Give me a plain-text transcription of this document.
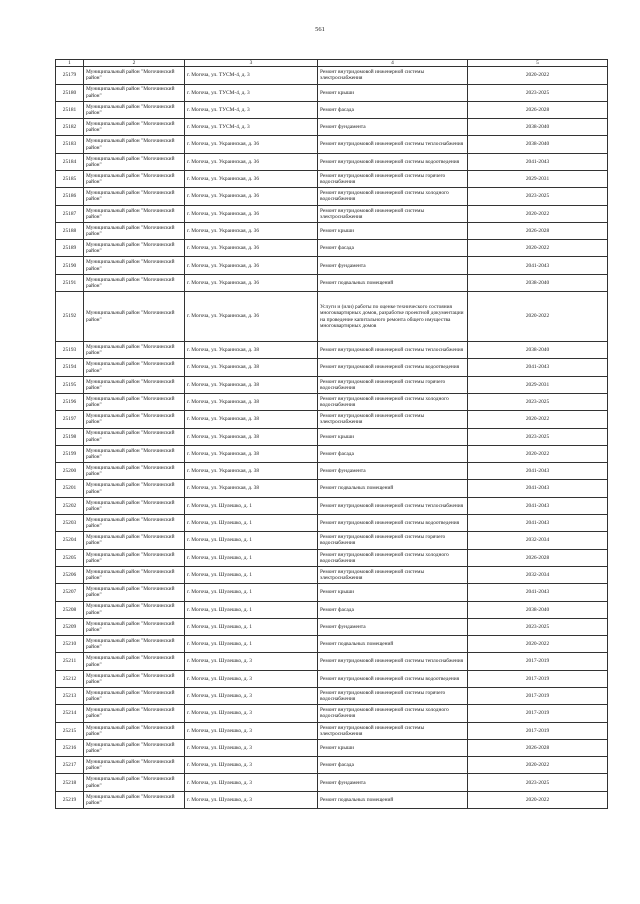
561
1	2	3	4	5
25179	Муниципальный район "Могочинский район"	г. Могоча, ул. ТУСМ-4, д. 3	Ремонт внутридомовой инженерной системы электроснабжения	2020-2022
25180	Муниципальный район "Могочинский район"	г. Могоча, ул. ТУСМ-4, д. 3	Ремонт крыши	2023-2025
25181	Муниципальный район "Могочинский район"	г. Могоча, ул. ТУСМ-4, д. 3	Ремонт фасада	2026-2028
25182	Муниципальный район "Могочинский район"	г. Могоча, ул. ТУСМ-4, д. 3	Ремонт фундамента	2038-2040
25183	Муниципальный район "Могочинский район"	г. Могоча, ул. Украинская, д. 36	Ремонт внутридомовой инженерной системы теплоснабжения	2038-2040
25184	Муниципальный район "Могочинский район"	г. Могоча, ул. Украинская, д. 36	Ремонт внутридомовой инженерной системы водоотведения	2041-2043
25185	Муниципальный район "Могочинский район"	г. Могоча, ул. Украинская, д. 36	Ремонт внутридомовой инженерной системы горячего водоснабжения	2029-2031
25186	Муниципальный район "Могочинский район"	г. Могоча, ул. Украинская, д. 36	Ремонт внутридомовой инженерной системы холодного водоснабжения	2023-2025
25187	Муниципальный район "Могочинский район"	г. Могоча, ул. Украинская, д. 36	Ремонт внутридомовой инженерной системы электроснабжения	2020-2022
25188	Муниципальный район "Могочинский район"	г. Могоча, ул. Украинская, д. 36	Ремонт крыши	2026-2028
25189	Муниципальный район "Могочинский район"	г. Могоча, ул. Украинская, д. 36	Ремонт фасада	2020-2022
25190	Муниципальный район "Могочинский район"	г. Могоча, ул. Украинская, д. 36	Ремонт фундамента	2041-2043
25191	Муниципальный район "Могочинский район"	г. Могоча, ул. Украинская, д. 36	Ремонт подвальных помещений	2038-2040
25192	Муниципальный район "Могочинский район"	г. Могоча, ул. Украинская, д. 36	Услуги и (или) работы по оценке технического состояния многоквартирных домов, разработке проектной документации на проведение капитального ремонта общего имущества многоквартирных домов	2020-2022
25193	Муниципальный район "Могочинский район"	г. Могоча, ул. Украинская, д. 38	Ремонт внутридомовой инженерной системы теплоснабжения	2038-2040
25194	Муниципальный район "Могочинский район"	г. Могоча, ул. Украинская, д. 38	Ремонт внутридомовой инженерной системы водоотведения	2041-2043
25195	Муниципальный район "Могочинский район"	г. Могоча, ул. Украинская, д. 38	Ремонт внутридомовой инженерной системы горячего водоснабжения	2029-2031
25196	Муниципальный район "Могочинский район"	г. Могоча, ул. Украинская, д. 38	Ремонт внутридомовой инженерной системы холодного водоснабжения	2023-2025
25197	Муниципальный район "Могочинский район"	г. Могоча, ул. Украинская, д. 38	Ремонт внутридомовой инженерной системы электроснабжения	2020-2022
25198	Муниципальный район "Могочинский район"	г. Могоча, ул. Украинская, д. 38	Ремонт крыши	2023-2025
25199	Муниципальный район "Могочинский район"	г. Могоча, ул. Украинская, д. 38	Ремонт фасада	2020-2022
25200	Муниципальный район "Могочинский район"	г. Могоча, ул. Украинская, д. 38	Ремонт фундамента	2041-2043
25201	Муниципальный район "Могочинский район"	г. Могоча, ул. Украинская, д. 38	Ремонт подвальных помещений	2041-2043
25202	Муниципальный район "Могочинский район"	г. Могоча, ул. Шулешко, д. 1	Ремонт внутридомовой инженерной системы теплоснабжения	2041-2043
25203	Муниципальный район "Могочинский район"	г. Могоча, ул. Шулешко, д. 1	Ремонт внутридомовой инженерной системы водоотведения	2041-2043
25204	Муниципальный район "Могочинский район"	г. Могоча, ул. Шулешко, д. 1	Ремонт внутридомовой инженерной системы горячего водоснабжения	2032-2034
25205	Муниципальный район "Могочинский район"	г. Могоча, ул. Шулешко, д. 1	Ремонт внутридомовой инженерной системы холодного водоснабжения	2026-2028
25206	Муниципальный район "Могочинский район"	г. Могоча, ул. Шулешко, д. 1	Ремонт внутридомовой инженерной системы электроснабжения	2032-2034
25207	Муниципальный район "Могочинский район"	г. Могоча, ул. Шулешко, д. 1	Ремонт крыши	2041-2043
25208	Муниципальный район "Могочинский район"	г. Могоча, ул. Шулешко, д. 1	Ремонт фасада	2038-2040
25209	Муниципальный район "Могочинский район"	г. Могоча, ул. Шулешко, д. 1	Ремонт фундамента	2023-2025
25210	Муниципальный район "Могочинский район"	г. Могоча, ул. Шулешко, д. 1	Ремонт подвальных помещений	2020-2022
25211	Муниципальный район "Могочинский район"	г. Могоча, ул. Шулешко, д. 3	Ремонт внутридомовой инженерной системы теплоснабжения	2017-2019
25212	Муниципальный район "Могочинский район"	г. Могоча, ул. Шулешко, д. 3	Ремонт внутридомовой инженерной системы водоотведения	2017-2019
25213	Муниципальный район "Могочинский район"	г. Могоча, ул. Шулешко, д. 3	Ремонт внутридомовой инженерной системы горячего водоснабжения	2017-2019
25214	Муниципальный район "Могочинский район"	г. Могоча, ул. Шулешко, д. 3	Ремонт внутридомовой инженерной системы холодного водоснабжения	2017-2019
25215	Муниципальный район "Могочинский район"	г. Могоча, ул. Шулешко, д. 3	Ремонт внутридомовой инженерной системы электроснабжения	2017-2019
25216	Муниципальный район "Могочинский район"	г. Могоча, ул. Шулешко, д. 3	Ремонт крыши	2026-2028
25217	Муниципальный район "Могочинский район"	г. Могоча, ул. Шулешко, д. 3	Ремонт фасада	2020-2022
25218	Муниципальный район "Могочинский район"	г. Могоча, ул. Шулешко, д. 3	Ремонт фундамента	2023-2025
25219	Муниципальный район "Могочинский район"	г. Могоча, ул. Шулешко, д. 3	Ремонт подвальных помещений	2020-2022
